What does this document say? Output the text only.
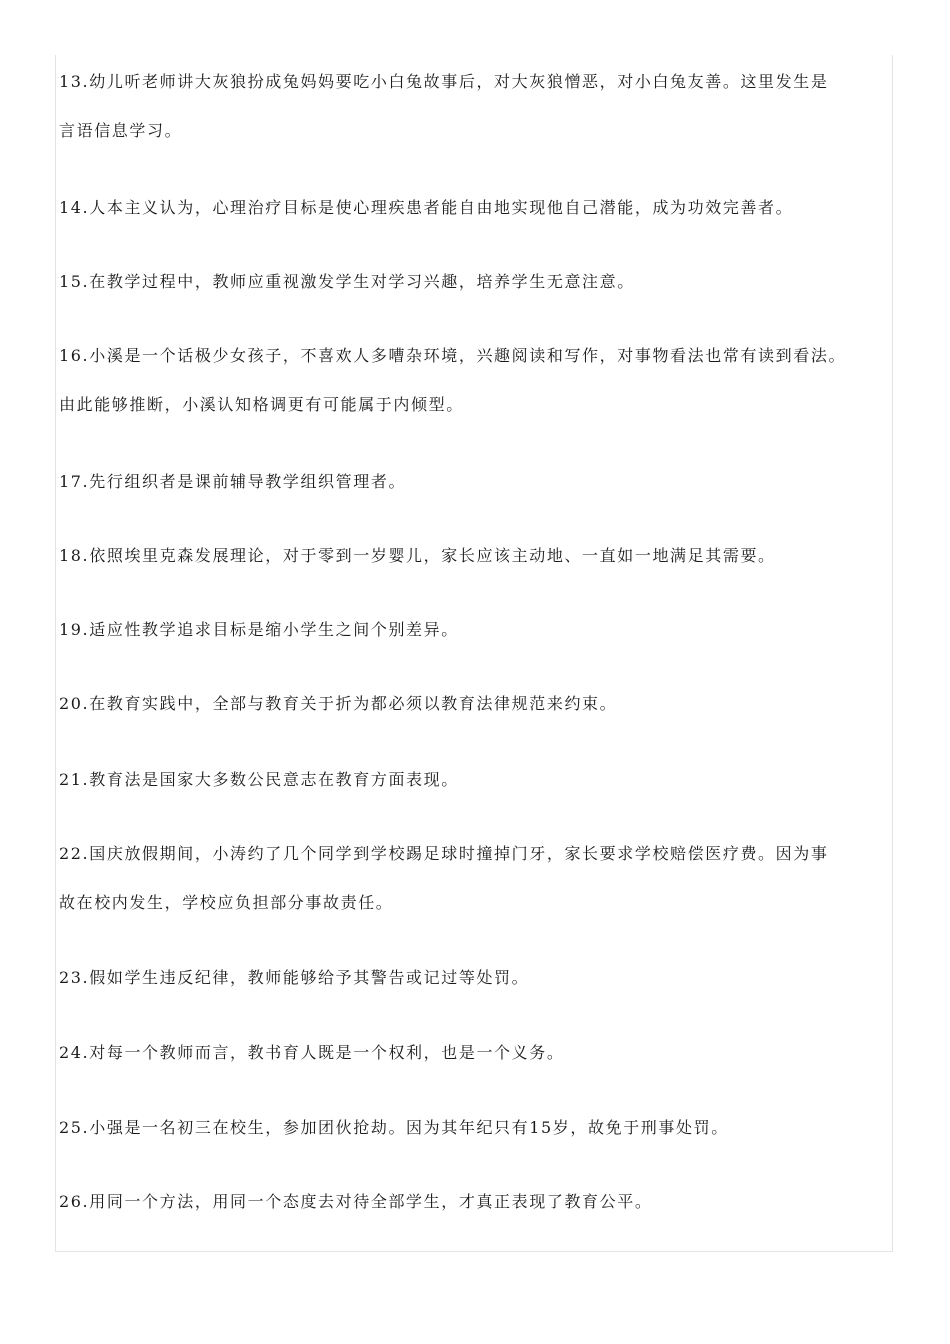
13.幼儿听老师讲大灰狼扮成兔妈妈要吃小白兔故事后，对大灰狼憎恶，对小白兔友善。这里发生是
言语信息学习。
14.人本主义认为，心理治疗目标是使心理疾患者能自由地实现他自己潜能，成为功效完善者。
15.在教学过程中，教师应重视激发学生对学习兴趣，培养学生无意注意。
16.小溪是一个话极少女孩子，不喜欢人多嘈杂环境，兴趣阅读和写作，对事物看法也常有读到看法。
由此能够推断，小溪认知格调更有可能属于内倾型。
17.先行组织者是课前辅导教学组织管理者。
18.依照埃里克森发展理论，对于零到一岁婴儿，家长应该主动地、一直如一地满足其需要。
19.适应性教学追求目标是缩小学生之间个别差异。
20.在教育实践中，全部与教育关于折为都必须以教育法律规范来约束。
21.教育法是国家大多数公民意志在教育方面表现。
22.国庆放假期间，小涛约了几个同学到学校踢足球时撞掉门牙，家长要求学校赔偿医疗费。因为事
故在校内发生，学校应负担部分事故责任。
23.假如学生违反纪律，教师能够给予其警告或记过等处罚。
24.对每一个教师而言，教书育人既是一个权利，也是一个义务。
25.小强是一名初三在校生，参加团伙抢劫。因为其年纪只有15岁，故免于刑事处罚。
26.用同一个方法，用同一个态度去对待全部学生，才真正表现了教育公平。
